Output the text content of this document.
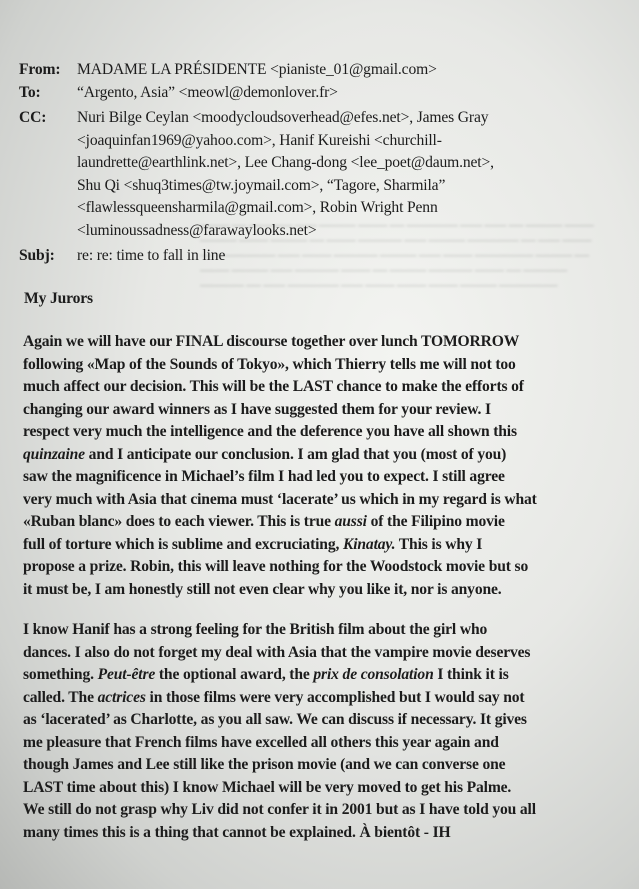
▁▁▁▁ ▁▁ ▁▁▁▁▁▁ ▁▁▁ ▁▁▁▁▁ ▁▁▁▁ ▁▁ ▁▁▁▁▁▁▁ ▁▁▁ ▁▁▁ ▁▁ ▁▁▁▁▁ ▁▁▁▁
▁▁▁▁▁ ▁▁▁▁ ▁▁▁▁▁ ▁▁ ▁▁▁▁ ▁▁▁▁▁▁ ▁▁▁ ▁▁▁▁▁ ▁▁▁▁▁▁▁ ▁▁ ▁▁▁ ▁▁▁▁
▁▁ ▁▁▁▁▁▁▁▁ ▁▁▁ ▁▁▁▁ ▁▁▁▁▁▁ ▁▁▁▁▁ ▁▁▁ ▁▁▁▁ ▁▁▁▁▁▁▁▁ ▁▁▁▁▁ ▁▁
▁▁▁▁ ▁▁▁▁▁ ▁▁▁ ▁▁▁▁▁▁ ▁▁▁▁ ▁▁ ▁▁▁▁▁ ▁▁▁▁▁▁ ▁▁▁▁ ▁▁ ▁▁▁▁▁▁
▁▁▁▁▁▁ ▁▁ ▁▁▁ ▁▁▁▁▁▁▁ ▁▁▁ ▁▁▁▁ ▁▁▁▁ ▁▁▁▁ ▁▁▁▁▁ ▁▁▁▁▁▁▁▁
From: MADAME LA PRÉSIDENTE <pianiste_01@gmail.com>
To: “Argento, Asia” <meowl@demonlover.fr>
CC: Nuri Bilge Ceylan <moodycloudsoverhead@efes.net>, James Gray
<joaquinfan1969@yahoo.com>, Hanif Kureishi <churchill-
laundrette@earthlink.net>, Lee Chang-dong <lee_poet@daum.net>,
Shu Qi <shuq3times@tw.joymail.com>, “Tagore, Sharmila”
<flawlessqueensharmila@gmail.com>, Robin Wright Penn
<luminoussadness@farawaylooks.net>
Subj: re: re: time to fall in line
My Jurors
Again we will have our FINAL discourse together over lunch TOMORROW
following «Map of the Sounds of Tokyo», which Thierry tells me will not too
much affect our decision. This will be the LAST chance to make the efforts of
changing our award winners as I have suggested them for your review. I
respect very much the intelligence and the deference you have all shown this
quinzaine and I anticipate our conclusion. I am glad that you (most of you)
saw the magnificence in Michael’s film I had led you to expect. I still agree
very much with Asia that cinema must ‘lacerate’ us which in my regard is what
«Ruban blanc» does to each viewer. This is true aussi of the Filipino movie
full of torture which is sublime and excruciating, Kinatay. This is why I
propose a prize. Robin, this will leave nothing for the Woodstock movie but so
it must be, I am honestly still not even clear why you like it, nor is anyone.
I know Hanif has a strong feeling for the British film about the girl who
dances. I also do not forget my deal with Asia that the vampire movie deserves
something. Peut-être the optional award, the prix de consolation I think it is
called. The actrices in those films were very accomplished but I would say not
as ‘lacerated’ as Charlotte, as you all saw. We can discuss if necessary. It gives
me pleasure that French films have excelled all others this year again and
though James and Lee still like the prison movie (and we can converse one
LAST time about this) I know Michael will be very moved to get his Palme.
We still do not grasp why Liv did not confer it in 2001 but as I have told you all
many times this is a thing that cannot be explained. À bientôt - IH
